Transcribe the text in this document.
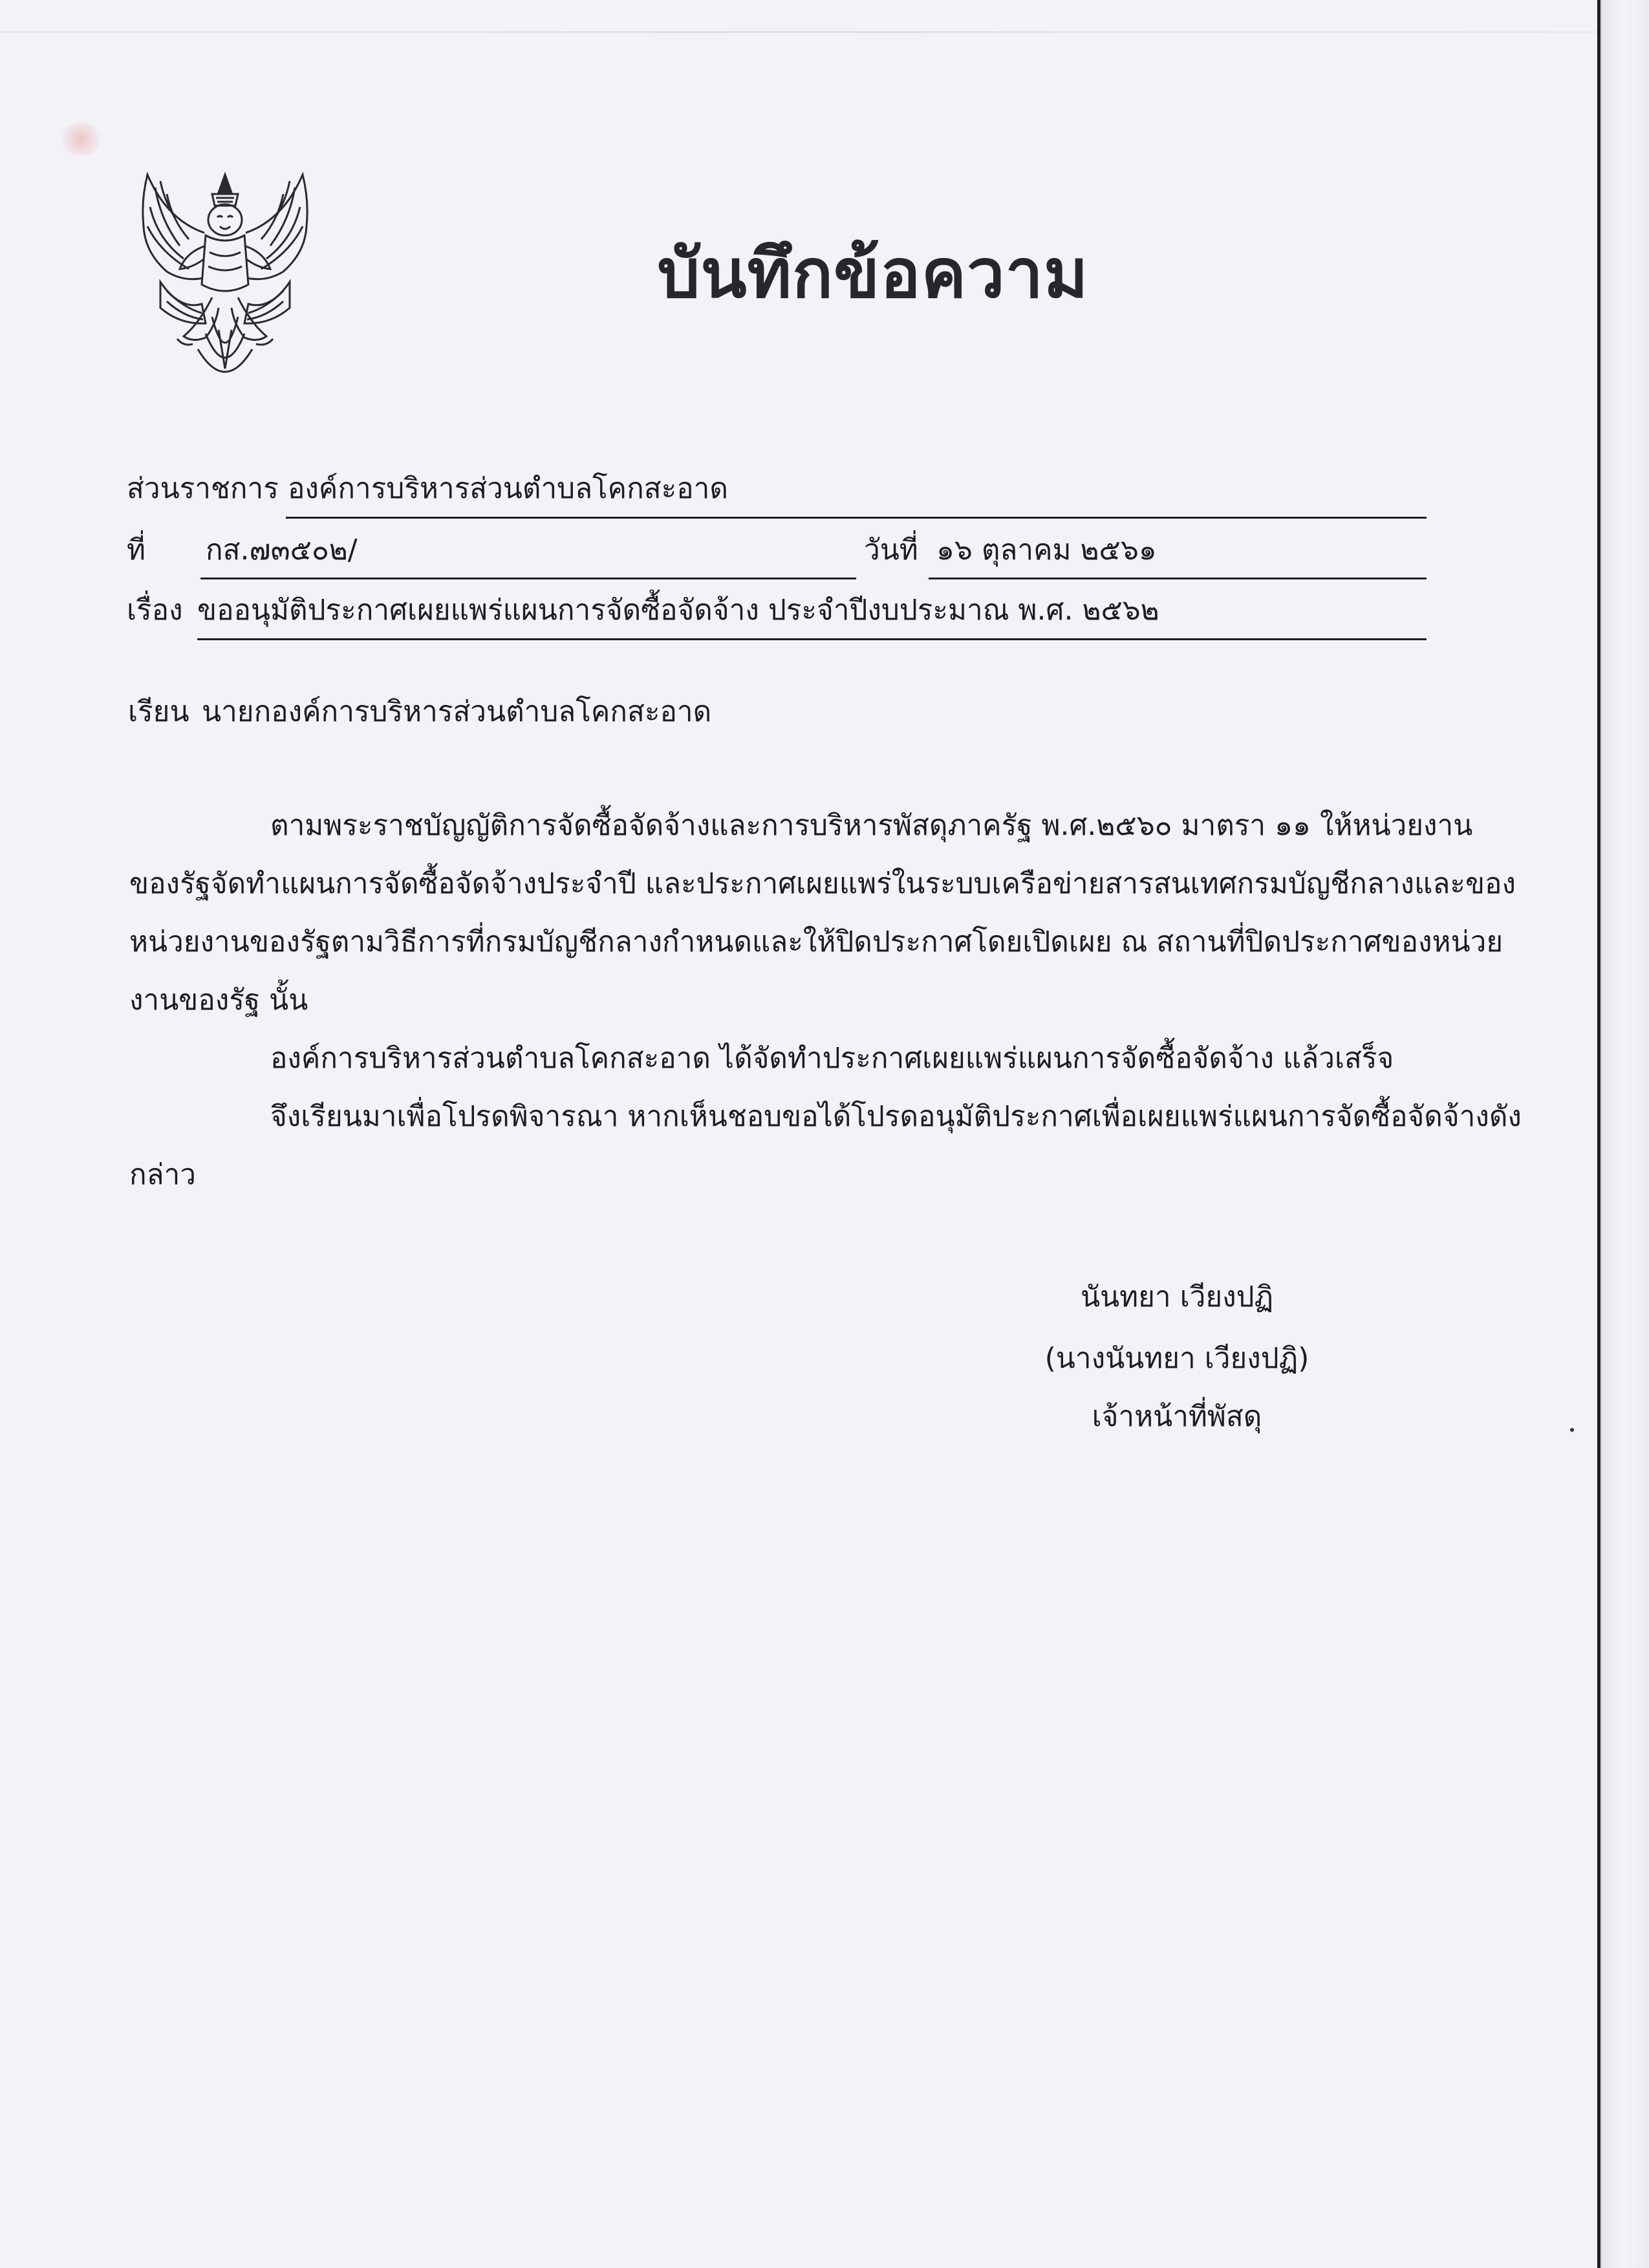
บันทึกข้อความ
ส่วนราชการ องค์การบริหารส่วนตำบลโคกสะอาด
ที่ กส.๗๓๕๐๒/	วันที่ ๑๖ ตุลาคม ๒๕๖๑
เรื่อง ขออนุมัติประกาศเผยแพร่แผนการจัดซื้อจัดจ้าง ประจำปีงบประมาณ พ.ศ. ๒๕๖๒
เรียน นายกองค์การบริหารส่วนตำบลโคกสะอาด
ตามพระราชบัญญัติการจัดซื้อจัดจ้างและการบริหารพัสดุภาครัฐ พ.ศ.๒๕๖๐ มาตรา ๑๑ ให้หน่วยงาน
ของรัฐจัดทำแผนการจัดซื้อจัดจ้างประจำปี และประกาศเผยแพร่ในระบบเครือข่ายสารสนเทศกรมบัญชีกลางและของ
หน่วยงานของรัฐตามวิธีการที่กรมบัญชีกลางกำหนดและให้ปิดประกาศโดยเปิดเผย ณ สถานที่ปิดประกาศของหน่วย
งานของรัฐ นั้น
องค์การบริหารส่วนตำบลโคกสะอาด ได้จัดทำประกาศเผยแพร่แผนการจัดซื้อจัดจ้าง แล้วเสร็จ
จึงเรียนมาเพื่อโปรดพิจารณา หากเห็นชอบขอได้โปรดอนุมัติประกาศเพื่อเผยแพร่แผนการจัดซื้อจัดจ้างดัง
กล่าว
นันทยา เวียงปฏิ
(นางนันทยา เวียงปฏิ)
เจ้าหน้าที่พัสดุ
